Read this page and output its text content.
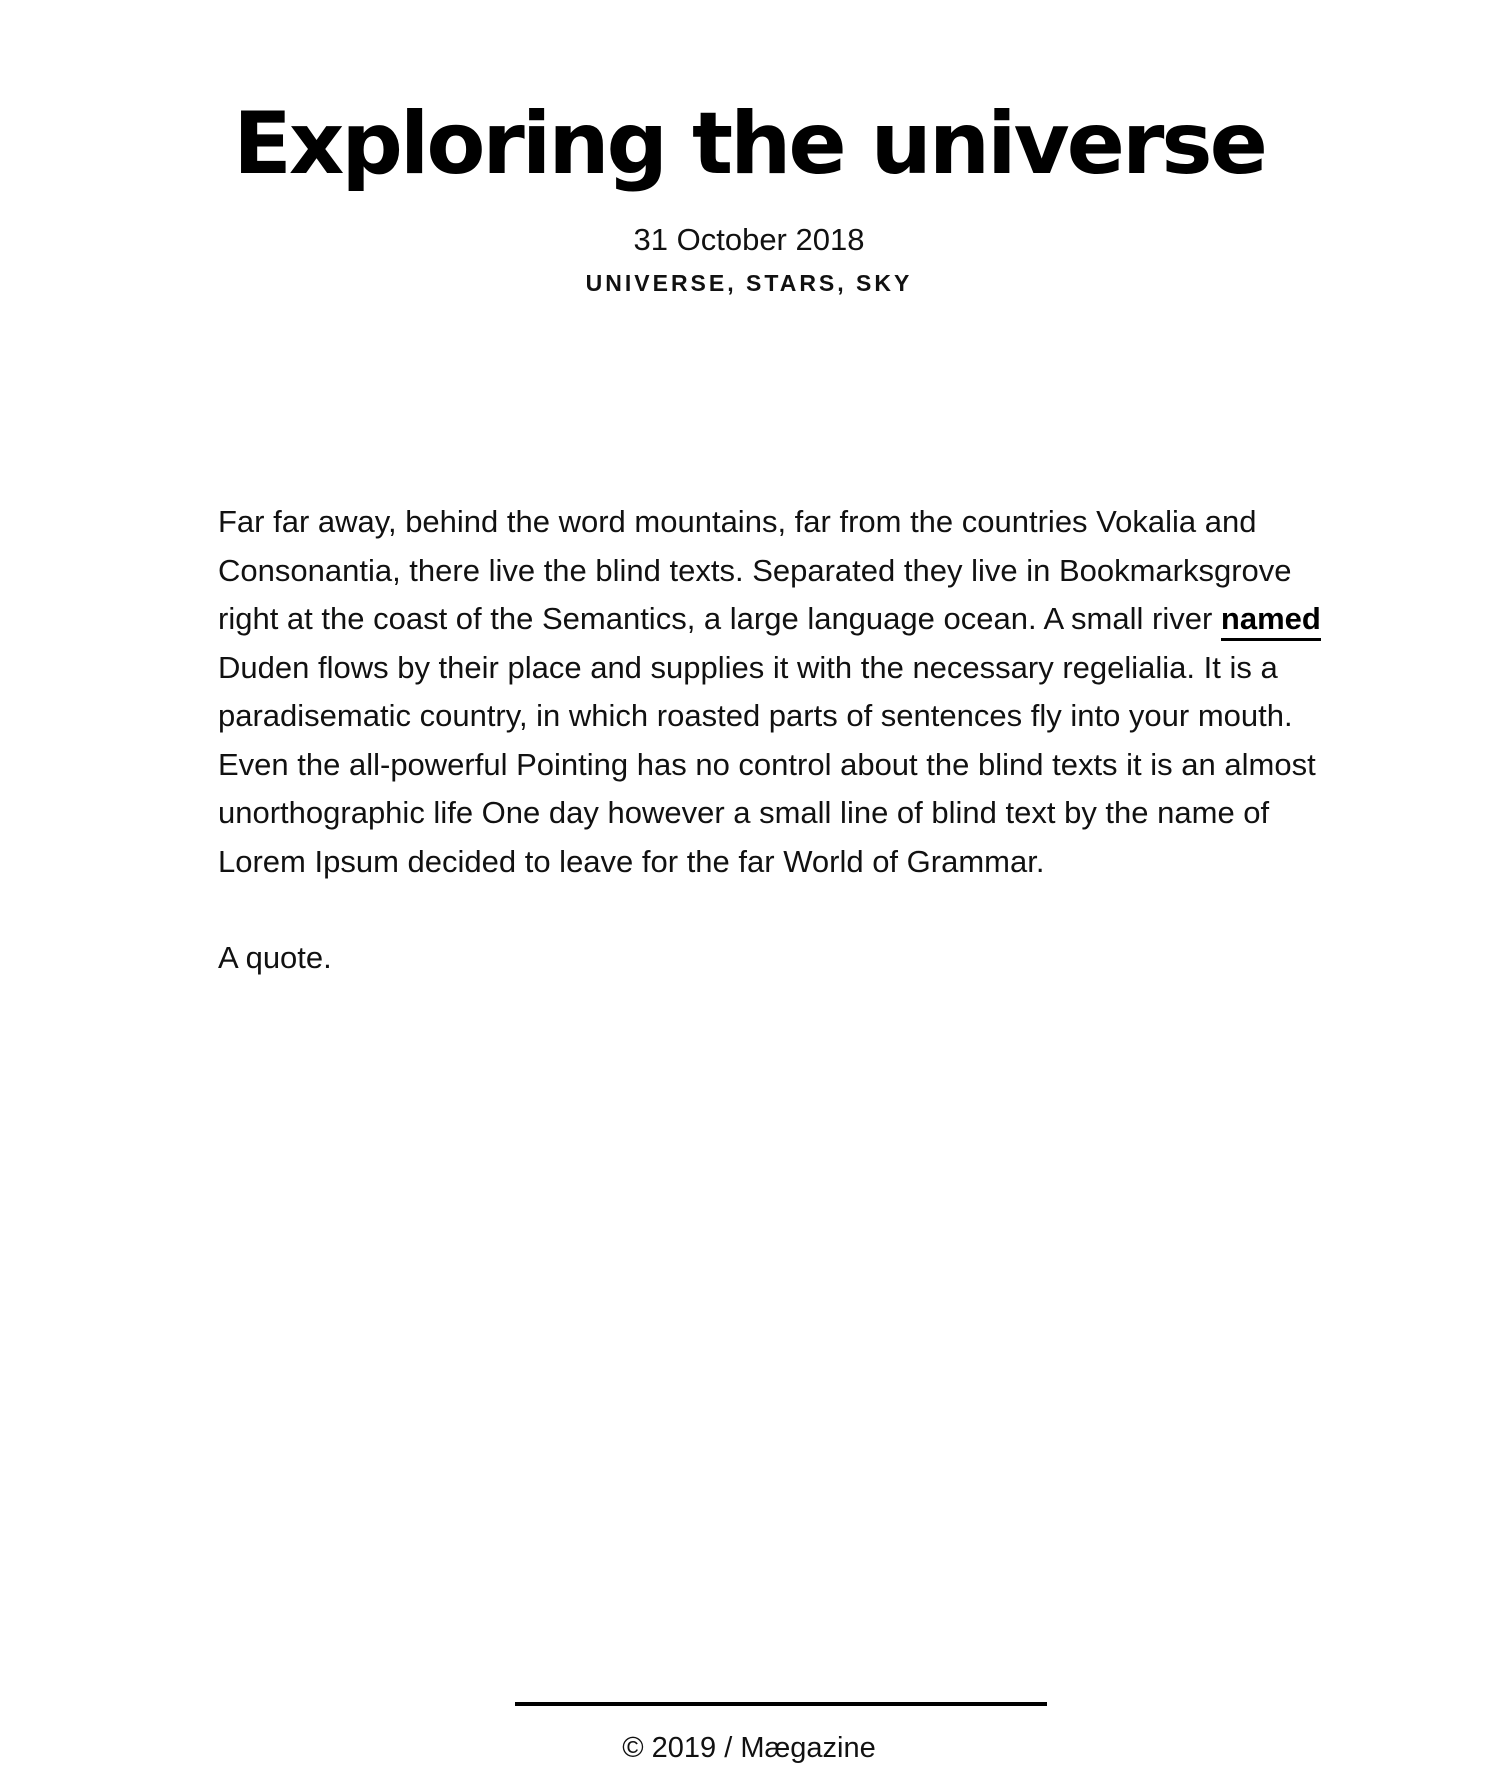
Exploring the universe
31 October 2018
UNIVERSE, STARS, SKY

Far far away, behind the word mountains, far from the countries Vokalia and Consonantia, there live the blind texts. Separated they live in Bookmarksgrove right at the coast of the Semantics, a large language ocean. A small river named Duden flows by their place and supplies it with the necessary regelialia. It is a paradisematic country, in which roasted parts of sentences fly into your mouth. Even the all-powerful Pointing has no control about the blind texts it is an almost unorthographic life One day however a small line of blind text by the name of Lorem Ipsum decided to leave for the far World of Grammar.

A quote.

© 2019 / Mægazine
